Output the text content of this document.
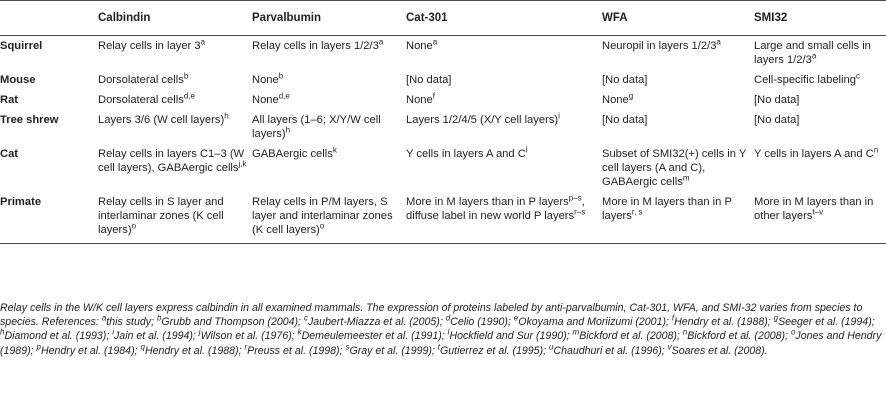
	Calbindin	Parvalbumin	Cat-301	WFA	SMI32
Squirrel	Relay cells in layer 3$^a$	Relay cells in layers 1/2/3$^a$	None$^a$	Neuropil in layers 1/2/3$^a$	Large and small cells in layers 1/2/3$^a$
Mouse	Dorsolateral cells$^b$	None$^b$	[No data]	[No data]	Cell-specific labeling$^c$
Rat	Dorsolateral cells$^{d,e}$	None$^{d,e}$	None$^f$	None$^g$	[No data]
Tree shrew	Layers 3/6 (W cell layers)$^h$	All layers (1–6; X/Y/W cell layers)$^h$	Layers 1/2/4/5 (X/Y cell layers)$^i$	[No data]	[No data]
Cat	Relay cells in layers C1–3 (W cell layers), GABAergic cells$^{j,k}$	GABAergic cells$^k$	Y cells in layers A and $C^l$	Subset of SMI32(+) cells in Y cell layers (A and C), GABAergic cells$^m$	Y cells in layers A and $C^n$
Primate	Relay cells in S layer and interlaminar zones (K cell layers)$^o$	Relay cells in P/M layers, S layer and interlaminar zones (K cell layers)$^o$	More in M layers than in P layers$^{p-s}$, diffuse label in new world P layers$^{r-s}$	More in M layers than in P layers$^{r, s}$	More in M layers than in other layers$^{t-v}$
Relay cells in the W/K cell layers express calbindin in all examined mammals. The expression of proteins labeled by anti-parvalbumin, Cat-301, WFA, and SMI-32 varies from species to species. References: $^a$this study; $^b$Grubb and Thompson (2004); $^c$Jaubert-Miazza et al. (2005); $^d$Celio (1990); $^e$Okoyama and Moriizumi (2001); $^f$Hendry et al. (1988); $^g$Seeger et al. (1994); $^h$Diamond et al. (1993); $^i$Jain et al. (1994); $^j$Wilson et al. (1976); $^k$Demeulemeester et al. (1991); $^l$Hockfield and Sur (1990); $^m$Bickford et al. (2008); $^n$Bickford et al. (2008); $^o$Jones and Hendry (1989); $^p$Hendry et al. (1984); $^q$Hendry et al. (1988); $^r$Preuss et al. (1998); $^s$Gray et al. (1999); $^t$Gutierrez et al. (1995); $^u$Chaudhuri et al. (1996); $^v$Soares et al. (2008).
